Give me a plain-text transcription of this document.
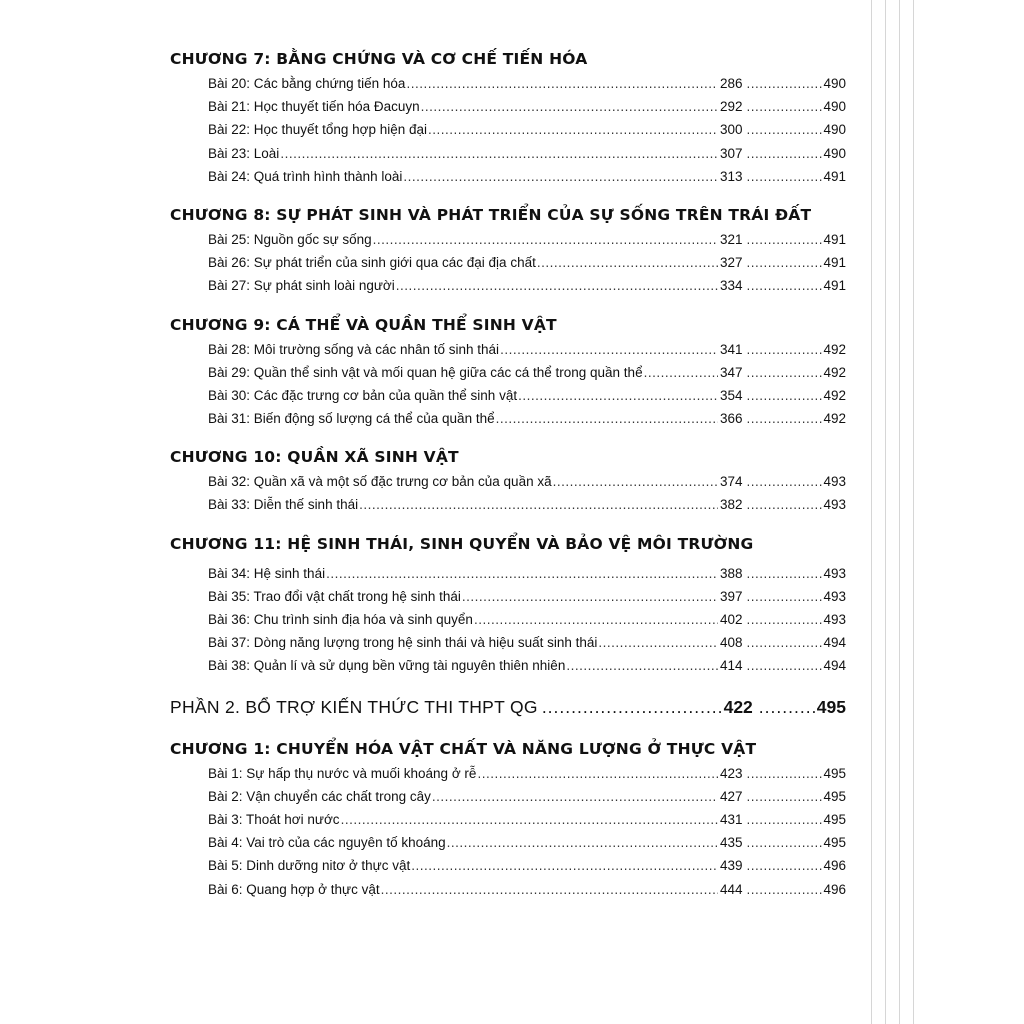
CHƯƠNG 7: BẰNG CHỨNG VÀ CƠ CHẾ TIẾN HÓA
Bài 20: Các bằng chứng tiến hóa .....	286 .....	490
Bài 21: Học thuyết tiến hóa Đacuyn .....	292 .....	490
Bài 22: Học thuyết tổng hợp hiện đại .....	300 .....	490
Bài 23: Loài .....	307 .....	490
Bài 24: Quá trình hình thành loài .....	313 .....	491
CHƯƠNG 8: SỰ PHÁT SINH VÀ PHÁT TRIỂN CỦA SỰ SỐNG TRÊN TRÁI ĐẤT
Bài 25: Nguồn gốc sự sống .....	321 .....	491
Bài 26: Sự phát triển của sinh giới qua các đại địa chất .....	327 .....	491
Bài 27: Sự phát sinh loài người .....	334 .....	491
CHƯƠNG 9: CÁ THỂ VÀ QUẦN THỂ SINH VẬT
Bài 28: Môi trường sống và các nhân tố sinh thái .....	341 .....	492
Bài 29: Quần thể sinh vật và mối quan hệ giữa các cá thể trong quần thể .....	347 .....	492
Bài 30: Các đặc trưng cơ bản của quần thể sinh vật .....	354 .....	492
Bài 31: Biến động số lượng cá thể của quần thể .....	366 .....	492
CHƯƠNG 10: QUẦN XÃ SINH VẬT
Bài 32: Quần xã và một số đặc trưng cơ bản của quần xã .....	374 .....	493
Bài 33: Diễn thế sinh thái .....	382 .....	493
CHƯƠNG 11: HỆ SINH THÁI, SINH QUYỂN VÀ BẢO VỆ MÔI TRƯỜNG
Bài 34: Hệ sinh thái .....	388 .....	493
Bài 35: Trao đổi vật chất trong hệ sinh thái .....	397 .....	493
Bài 36: Chu trình sinh địa hóa và sinh quyển .....	402 .....	493
Bài 37: Dòng năng lượng trong hệ sinh thái và hiệu suất sinh thái .....	408 .....	494
Bài 38: Quản lí và sử dụng bền vững tài nguyên thiên nhiên .....	414 .....	494
PHẦN 2. BỔ TRỢ KIẾN THỨC THI THPT QG .....	422 .....	495
CHƯƠNG 1: CHUYỂN HÓA VẬT CHẤT VÀ NĂNG LƯỢNG Ở THỰC VẬT
Bài 1: Sự hấp thụ nước và muối khoáng ở rễ .....	423 .....	495
Bài 2: Vận chuyển các chất trong cây .....	427 .....	495
Bài 3: Thoát hơi nước .....	431 .....	495
Bài 4: Vai trò của các nguyên tố khoáng .....	435 .....	495
Bài 5: Dinh dưỡng nitơ ở thực vật .....	439 .....	496
Bài 6: Quang hợp ở thực vật .....	444 .....	496
